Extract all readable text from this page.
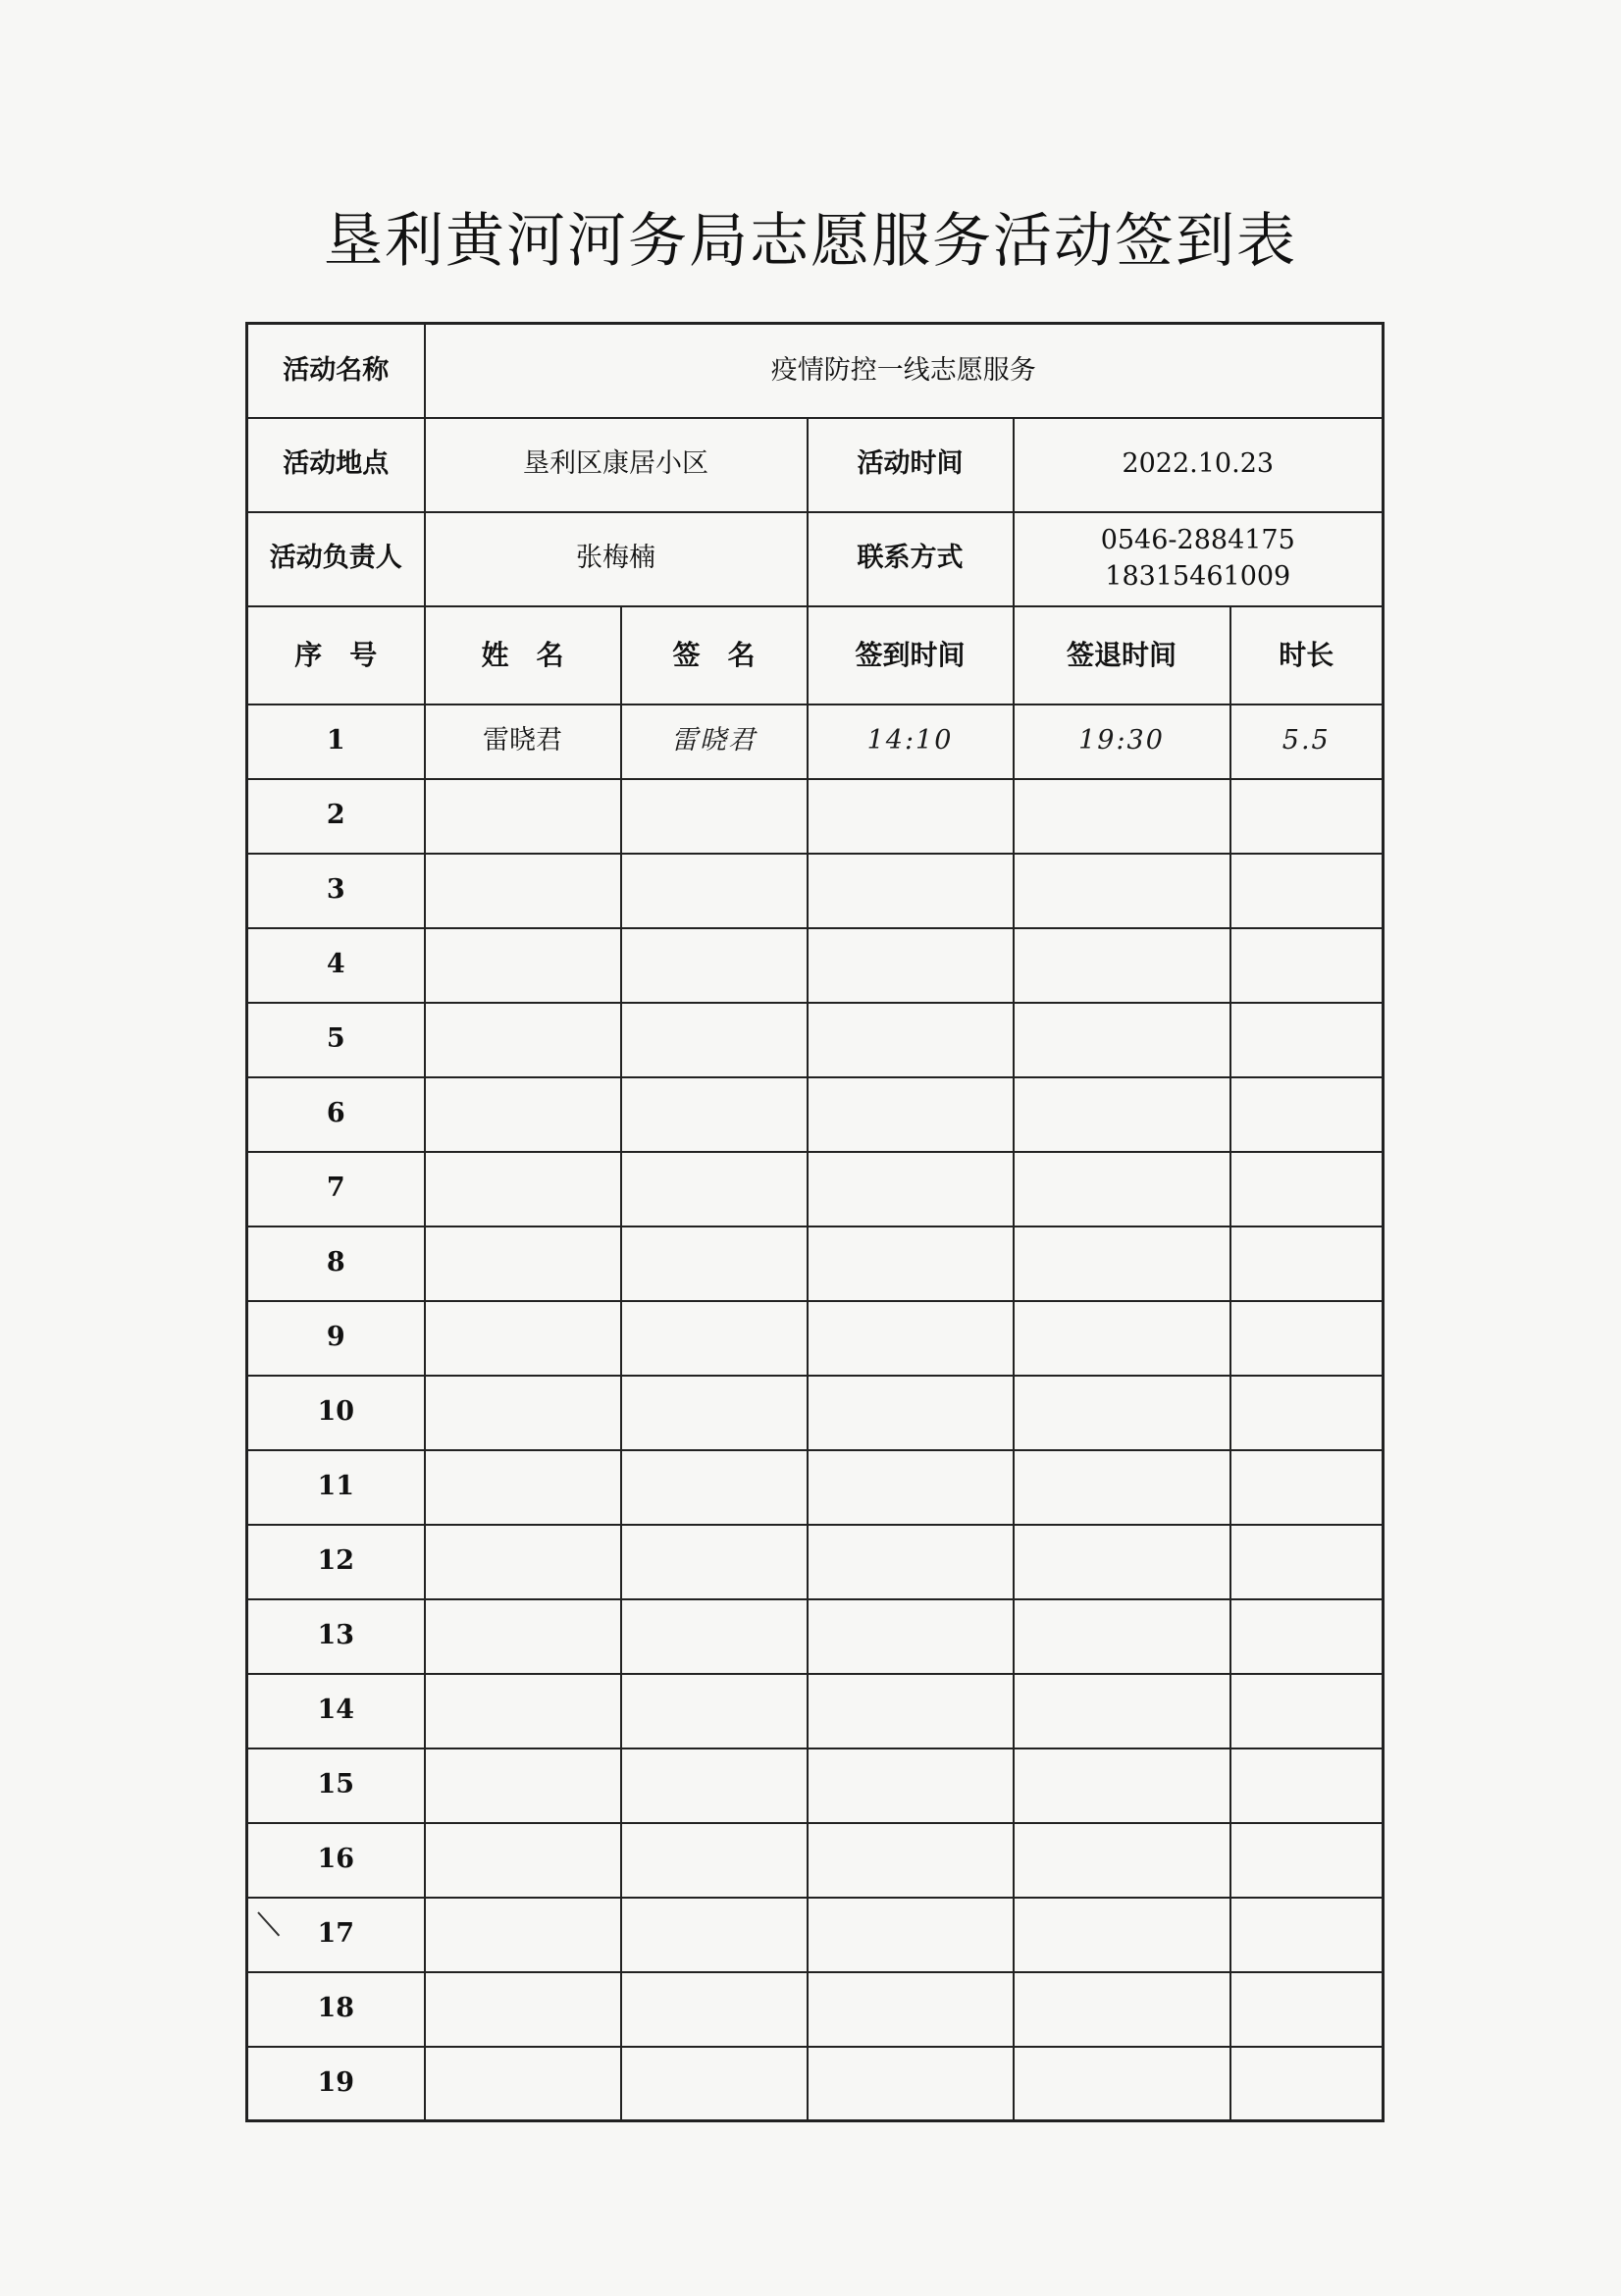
垦利黄河河务局志愿服务活动签到表
活动名称	疫情防控一线志愿服务				
活动地点	垦利区康居小区		活动时间	2022.10.23	
活动负责人	张梅楠		联系方式	0546-2884175
18315461009	

序　号	姓　名	签　名	签到时间	签退时间	时长
1	雷晓君	雷晓君	14:10	19:30	5.5
2					
3					
4					
5					
6					
7					
8					
9					
10					
11					
12					
13					
14					
15					
16					
17					
18					
19					
